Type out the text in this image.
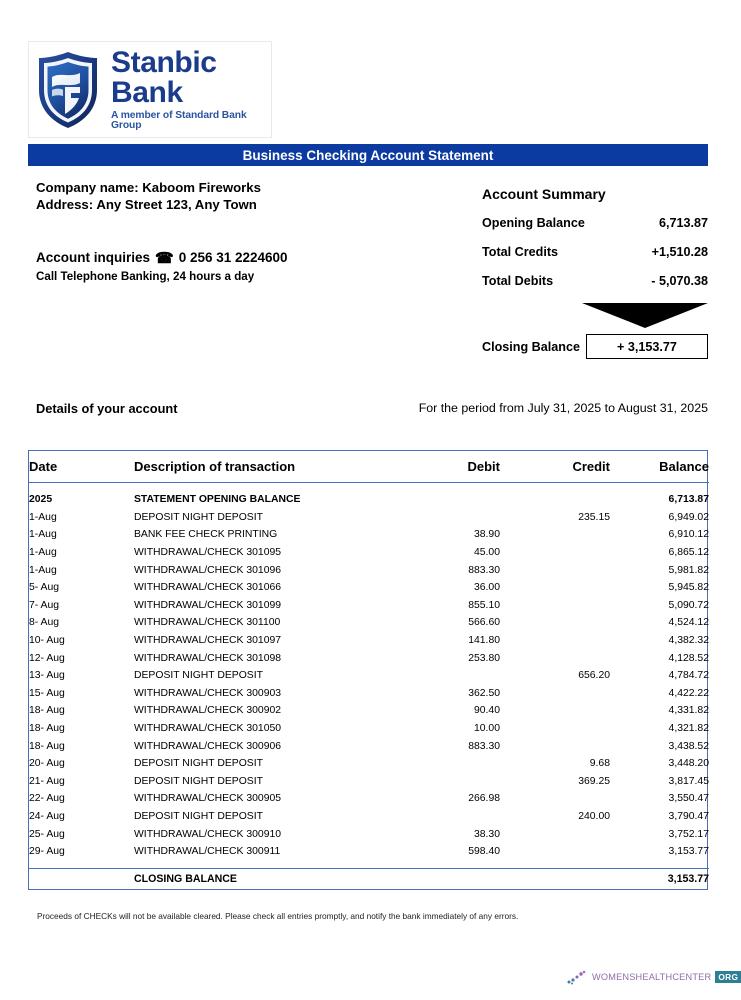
Stanbic Bank
A member of Standard Bank Group
Business Checking Account Statement
Company name: Kaboom Fireworks
Address: Any Street 123, Any Town
Account inquiries ☎ 0 256 31 2224600
Call Telephone Banking, 24 hours a day
Account Summary
Opening Balance	6,713.87
Total Credits	+1,510.28
Total Debits	- 5,070.38
Closing Balance	+ 3,153.77
Details of your account	For the period from July 31, 2025 to August 31, 2025
Date	Description of transaction	Debit	Credit	Balance

2025	STATEMENT OPENING BALANCE			6,713.87
1-Aug	DEPOSIT NIGHT DEPOSIT		235.15	6,949.02
1-Aug	BANK FEE CHECK PRINTING	38.90		6,910.12
1-Aug	WITHDRAWAL/CHECK 301095	45.00		6,865.12
1-Aug	WITHDRAWAL/CHECK 301096	883.30		5,981.82
5- Aug	WITHDRAWAL/CHECK 301066	36.00		5,945.82
7- Aug	WITHDRAWAL/CHECK 301099	855.10		5,090.72
8- Aug	WITHDRAWAL/CHECK 301100	566.60		4,524.12
10- Aug	WITHDRAWAL/CHECK 301097	141.80		4,382.32
12- Aug	WITHDRAWAL/CHECK 301098	253.80		4,128.52
13- Aug	DEPOSIT NIGHT DEPOSIT		656.20	4,784.72
15- Aug	WITHDRAWAL/CHECK 300903	362.50		4,422.22
18- Aug	WITHDRAWAL/CHECK 300902	90.40		4,331.82
18- Aug	WITHDRAWAL/CHECK 301050	10.00		4,321.82
18- Aug	WITHDRAWAL/CHECK 300906	883.30		3,438.52
20- Aug	DEPOSIT NIGHT DEPOSIT		9.68	3,448.20
21- Aug	DEPOSIT NIGHT DEPOSIT		369.25	3,817.45
22- Aug	WITHDRAWAL/CHECK 300905	266.98		3,550.47
24- Aug	DEPOSIT NIGHT DEPOSIT		240.00	3,790.47
25- Aug	WITHDRAWAL/CHECK 300910	38.30		3,752.17
29- Aug	WITHDRAWAL/CHECK 300911	598.40		3,153.77

	CLOSING BALANCE			3,153.77
Proceeds of CHECKs will not be available cleared. Please check all entries promptly, and notify the bank immediately of any errors.
WOMENSHEALTHCENTER ORG
